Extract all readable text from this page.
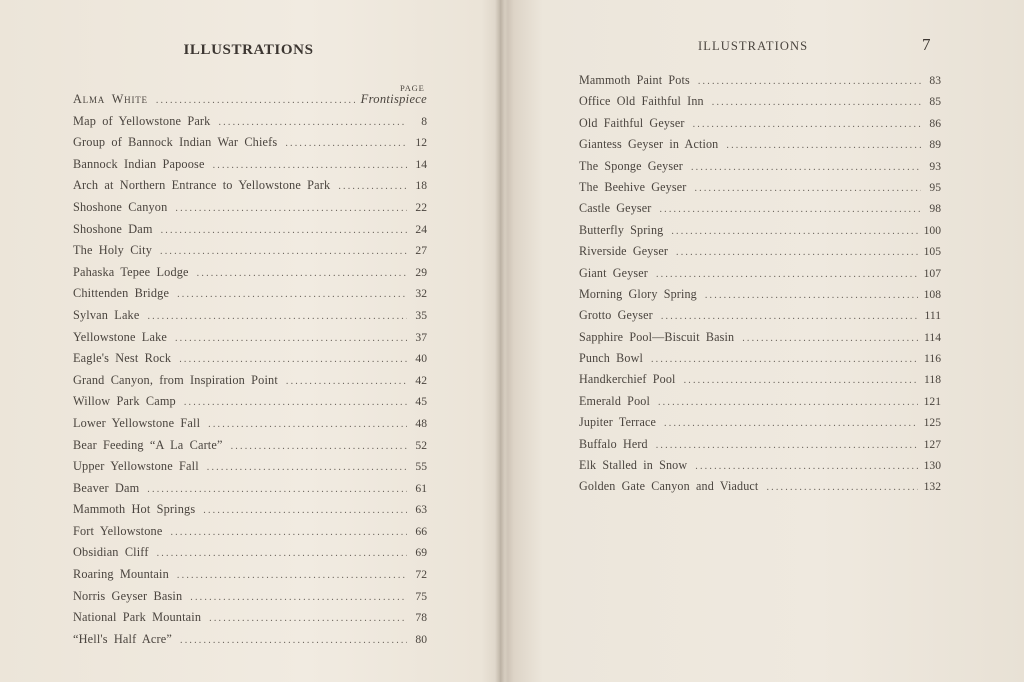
ILLUSTRATIONS
PAGE
Alma White .....	Frontispiece
Map of Yellowstone Park .....	8
Group of Bannock Indian War Chiefs .....	12
Bannock Indian Papoose .....	14
Arch at Northern Entrance to Yellowstone Park .....	18
Shoshone Canyon .....	22
Shoshone Dam .....	24
The Holy City .....	27
Pahaska Tepee Lodge .....	29
Chittenden Bridge .....	32
Sylvan Lake .....	35
Yellowstone Lake .....	37
Eagle's Nest Rock .....	40
Grand Canyon, from Inspiration Point .....	42
Willow Park Camp .....	45
Lower Yellowstone Fall .....	48
Bear Feeding “A La Carte” .....	52
Upper Yellowstone Fall .....	55
Beaver Dam .....	61
Mammoth Hot Springs .....	63
Fort Yellowstone .....	66
Obsidian Cliff .....	69
Roaring Mountain .....	72
Norris Geyser Basin .....	75
National Park Mountain .....	78
“Hell's Half Acre” .....	80
ILLUSTRATIONS	7
Mammoth Paint Pots .....	83
Office Old Faithful Inn .....	85
Old Faithful Geyser .....	86
Giantess Geyser in Action .....	89
The Sponge Geyser .....	93
The Beehive Geyser .....	95
Castle Geyser .....	98
Butterfly Spring .....	100
Riverside Geyser .....	105
Giant Geyser .....	107
Morning Glory Spring .....	108
Grotto Geyser .....	111
Sapphire Pool—Biscuit Basin .....	114
Punch Bowl .....	116
Handkerchief Pool .....	118
Emerald Pool .....	121
Jupiter Terrace .....	125
Buffalo Herd .....	127
Elk Stalled in Snow .....	130
Golden Gate Canyon and Viaduct .....	132
